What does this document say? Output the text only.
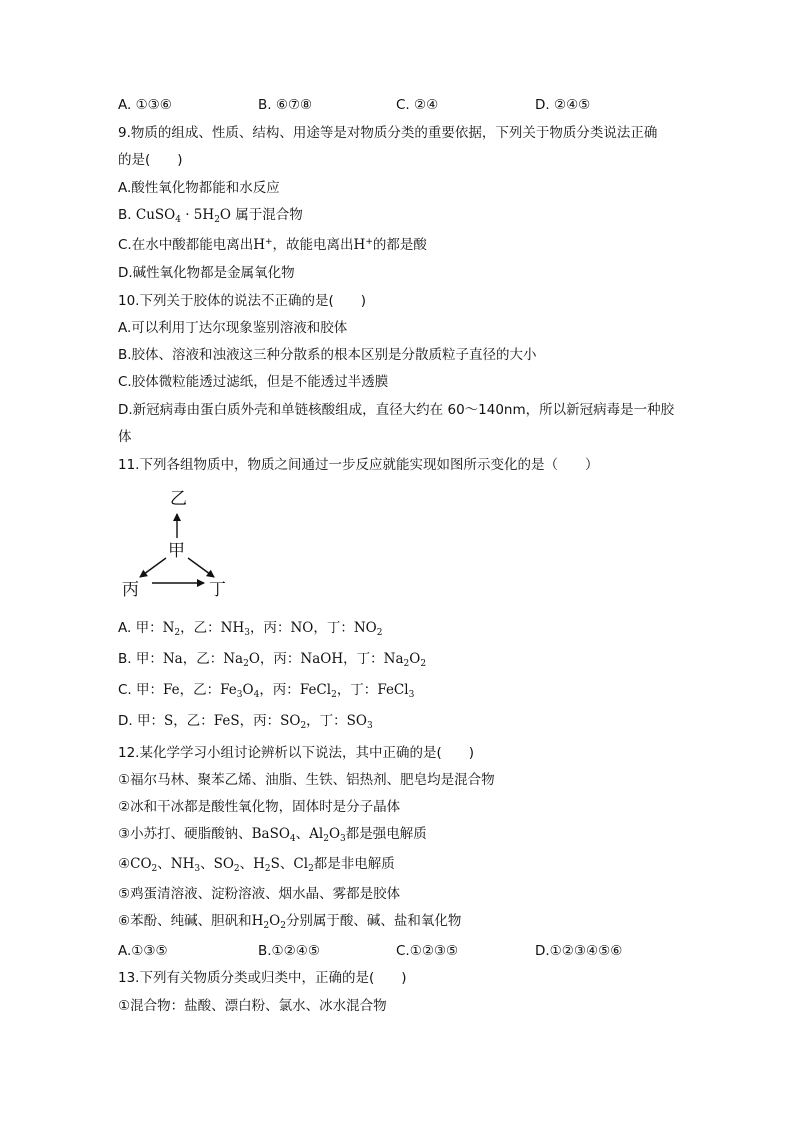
A. ①③⑥	B. ⑥⑦⑧	C. ②④	D. ②④⑤
9.物质的组成、性质、结构、用途等是对物质分类的重要依据，下列关于物质分类说法正确
的是(　　)
A.酸性氧化物都能和水反应
B. CuSO$_4$ · $5H_2O$ 属于混合物
C.在水中酸都能电离出H+，故能电离出H+的都是酸
D.碱性氧化物都是金属氧化物
10.下列关于胶体的说法不正确的是(　　)
A.可以利用丁达尔现象鉴别溶液和胶体
B.胶体、溶液和浊液这三种分散系的根本区别是分散质粒子直径的大小
C.胶体微粒能透过滤纸，但是不能透过半透膜
D.新冠病毒由蛋白质外壳和单链核酸组成，直径大约在 60～140nm，所以新冠病毒是一种胶
体
11.下列各组物质中，物质之间通过一步反应就能实现如图所示变化的是（　　）
乙
甲
丙	丁
A. 甲：$N_2$，乙：$NH_3$，丙：NO，丁：$NO_2$
B. 甲：Na，乙：$Na_2O$，丙：NaOH，丁：$Na_2O_2$
C. 甲：Fe，乙：$Fe_3O_4$，丙：FeCl$_2$，丁：FeCl$_3$
D. 甲：S，乙：FeS，丙：$SO_2$，丁：$SO_3$
12.某化学学习小组讨论辨析以下说法，其中正确的是(　　)
①福尔马林、聚苯乙烯、油脂、生铁、铝热剂、肥皂均是混合物
②冰和干冰都是酸性氧化物，固体时是分子晶体
③小苏打、硬脂酸钠、BaSO$_4$、$Al_2O_3$都是强电解质
$④CO_2$、$NH_3$、$SO_2$、$H_2S$、$Cl_2$都是非电解质
⑤鸡蛋清溶液、淀粉溶液、烟水晶、雾都是胶体
⑥苯酚、纯碱、胆矾和$H_2O_2$分别属于酸、碱、盐和氧化物
A.①③⑤	B.①②④⑤	C.①②③⑤	D.①②③④⑤⑥
13.下列有关物质分类或归类中，正确的是(　　)
①混合物：盐酸、漂白粉、氯水、冰水混合物
